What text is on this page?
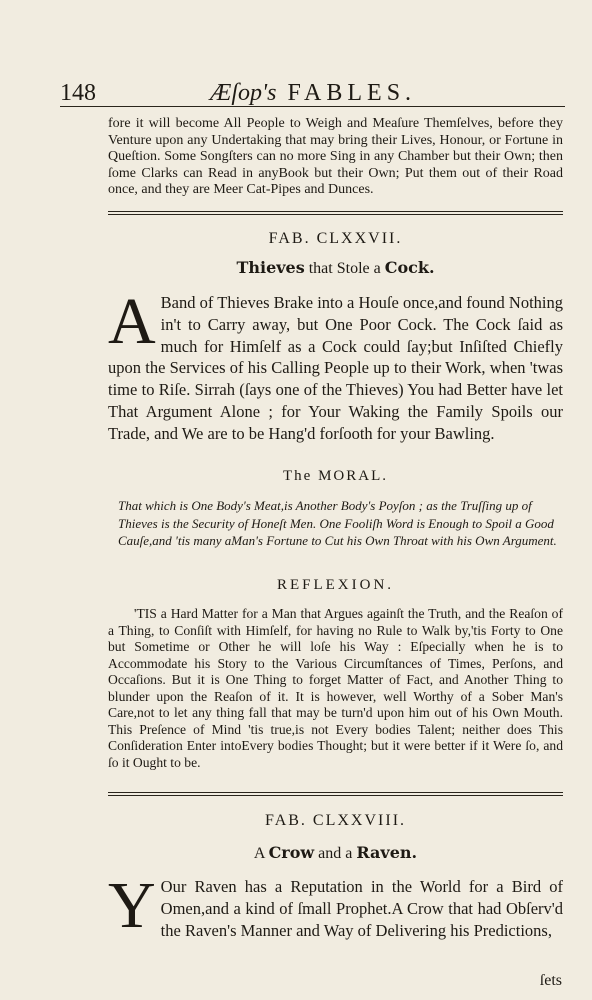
148	Æſop's FABLES.

fore it will become All People to Weigh and Meaſure Themſelves, before they Venture upon any Undertaking that may bring their Lives, Honour, or Fortune in Queſtion. Some Songſters can no more Sing in any Chamber but their Own; then ſome Clarks can Read in anyBook but their Own; Put them out of their Road once, and they are Meer Cat-Pipes and Dunces.

FAB. CLXXVII.
Thieves that Stole a Cock.
A Band of Thieves Brake into a Houſe once,and found Nothing in't to Carry away, but One Poor Cock. The Cock ſaid as much for Himſelf as a Cock could ſay;but Inſiſted Chiefly upon the Services of his Calling People up to their Work, when 'twas time to Riſe. Sirrah (ſays one of the Thieves) You had Better have let That Argument Alone ; for Your Waking the Family Spoils our Trade, and We are to be Hang'd forſooth for your Bawling.

The MORAL.

That which is One Body's Meat,is Another Body's Poyſon ; as the Truſſing up of Thieves is the Security of Honeſt Men. One Fooliſh Word is Enough to Spoil a Good Cauſe,and 'tis many aMan's Fortune to Cut his Own Throat with his Own Argument.

REFLEXION.

'TIS a Hard Matter for a Man that Argues againſt the Truth, and the Reaſon of a Thing, to Conſiſt with Himſelf, for having no Rule to Walk by,'tis Forty to One but Sometime or Other he will loſe his Way : Eſpecially when he is to Accommodate his Story to the Various Circumſtances of Times, Perſons, and Occaſions. But it is One Thing to forget Matter of Fact, and Another Thing to blunder upon the Reaſon of it. It is however, well Worthy of a Sober Man's Care,not to let any thing fall that may be turn'd upon him out of his Own Mouth. This Preſence of Mind 'tis true,is not Every bodies Talent; neither does This Conſideration Enter intoEvery bodies Thought; but it were better if it Were ſo, and ſo it Ought to be.

FAB. CLXXVIII.
A Crow and a Raven.
Y Our Raven has a Reputation in the World for a Bird of Omen,and a kind of ſmall Prophet.A Crow that had Obſerv'd the Raven's Manner and Way of Delivering his Predictions,

ſets
